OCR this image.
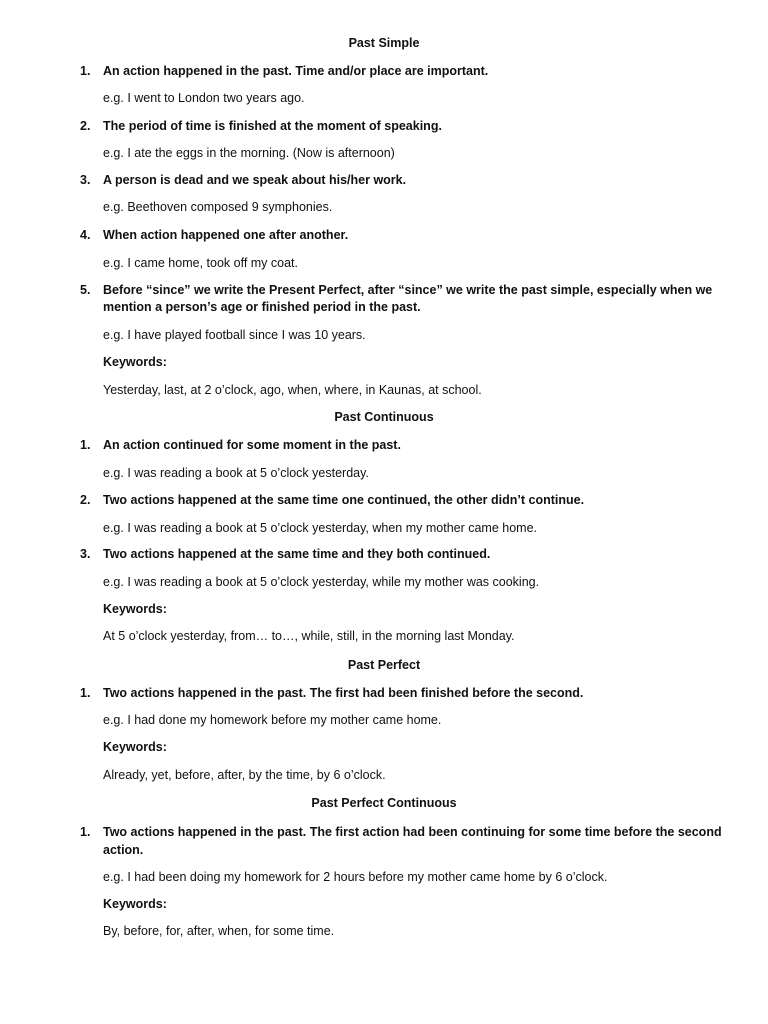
Past Simple
1. An action happened in the past. Time and/or place are important.
e.g. I went to London two years ago.
2. The period of time is finished at the moment of speaking.
e.g. I ate the eggs in the morning. (Now is afternoon)
3. A person is dead and we speak about his/her work.
e.g. Beethoven composed 9 symphonies.
4. When action happened one after another.
e.g. I came home, took off my coat.
5. Before “since” we write the Present Perfect, after “since” we write the past simple, especially when we
mention a person’s age or finished period in the past.
e.g. I have played football since I was 10 years.
Keywords:
Yesterday, last, at 2 o’clock, ago, when, where, in Kaunas, at school.
Past Continuous
1. An action continued for some moment in the past.
e.g. I was reading a book at 5 o’clock yesterday.
2. Two actions happened at the same time one continued, the other didn’t continue.
e.g. I was reading a book at 5 o’clock yesterday, when my mother came home.
3. Two actions happened at the same time and they both continued.
e.g. I was reading a book at 5 o’clock yesterday, while my mother was cooking.
Keywords:
At 5 o’clock yesterday, from… to…, while, still, in the morning last Monday.
Past Perfect
1. Two actions happened in the past. The first had been finished before the second.
e.g. I had done my homework before my mother came home.
Keywords:
Already, yet, before, after, by the time, by 6 o’clock.
Past Perfect Continuous
1. Two actions happened in the past. The first action had been continuing for some time before the second
action.
e.g. I had been doing my homework for 2 hours before my mother came home by 6 o’clock.
Keywords:
By, before, for, after, when, for some time.
